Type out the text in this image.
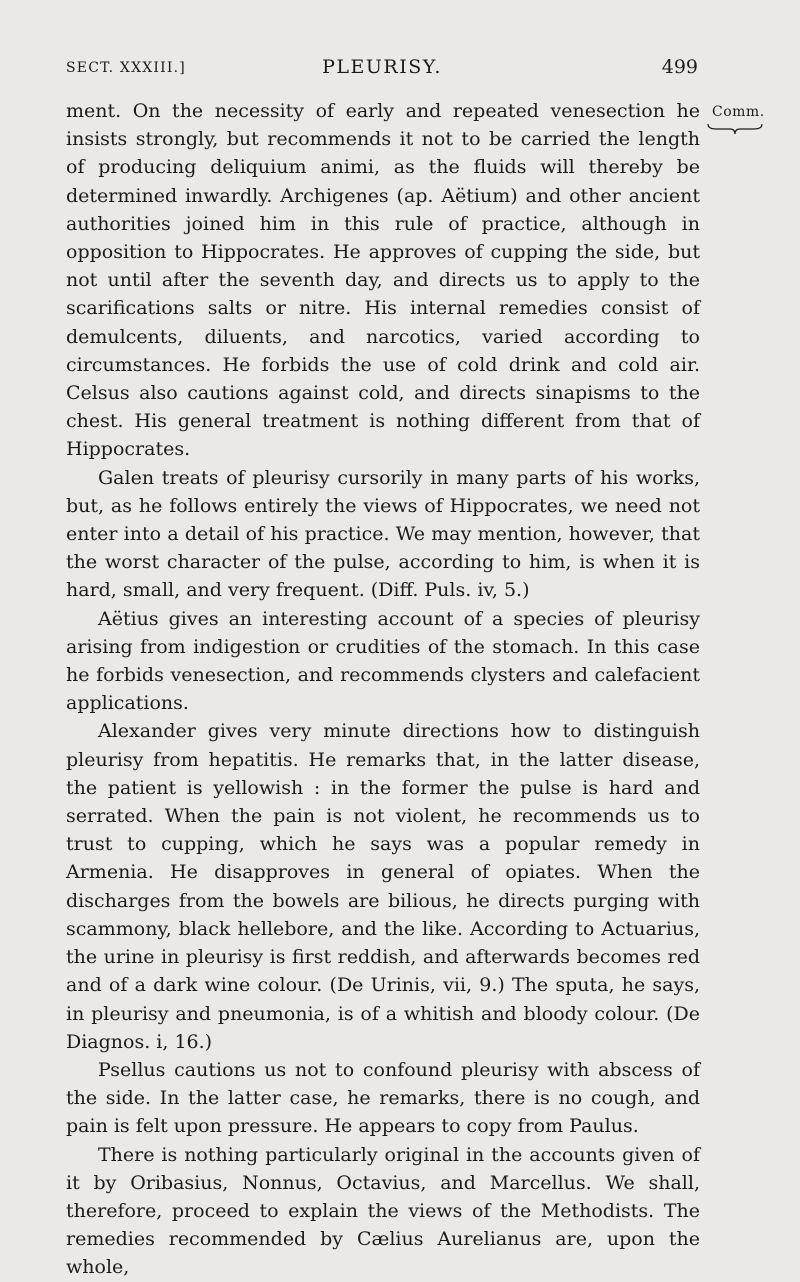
SECT. XXXIII.]	PLEURISY.	499
Comm.

ment. On the necessity of early and repeated venesection he insists strongly, but recommends it not to be carried the length of producing deliquium animi, as the fluids will thereby be determined inwardly. Archigenes (ap. Aëtium) and other ancient authorities joined him in this rule of practice, although in opposition to Hippocrates. He approves of cupping the side, but not until after the seventh day, and directs us to apply to the scarifications salts or nitre. His internal remedies consist of demulcents, diluents, and narcotics, varied according to circumstances. He forbids the use of cold drink and cold air. Celsus also cautions against cold, and directs sinapisms to the chest. His general treatment is nothing different from that of Hippocrates.

Galen treats of pleurisy cursorily in many parts of his works, but, as he follows entirely the views of Hippocrates, we need not enter into a detail of his practice. We may mention, however, that the worst character of the pulse, according to him, is when it is hard, small, and very frequent. (Diff. Puls. iv, 5.)

Aëtius gives an interesting account of a species of pleurisy arising from indigestion or crudities of the stomach. In this case he forbids venesection, and recommends clysters and calefacient applications.

Alexander gives very minute directions how to distinguish pleurisy from hepatitis. He remarks that, in the latter disease, the patient is yellowish : in the former the pulse is hard and serrated. When the pain is not violent, he recommends us to trust to cupping, which he says was a popular remedy in Armenia. He disapproves in general of opiates. When the discharges from the bowels are bilious, he directs purging with scammony, black hellebore, and the like. According to Actuarius, the urine in pleurisy is first reddish, and afterwards becomes red and of a dark wine colour. (De Urinis, vii, 9.) The sputa, he says, in pleurisy and pneumonia, is of a whitish and bloody colour. (De Diagnos. i, 16.)

Psellus cautions us not to confound pleurisy with abscess of the side. In the latter case, he remarks, there is no cough, and pain is felt upon pressure. He appears to copy from Paulus.

There is nothing particularly original in the accounts given of it by Oribasius, Nonnus, Octavius, and Marcellus. We shall, therefore, proceed to explain the views of the Methodists. The remedies recommended by Cælius Aurelianus are, upon the whole,
